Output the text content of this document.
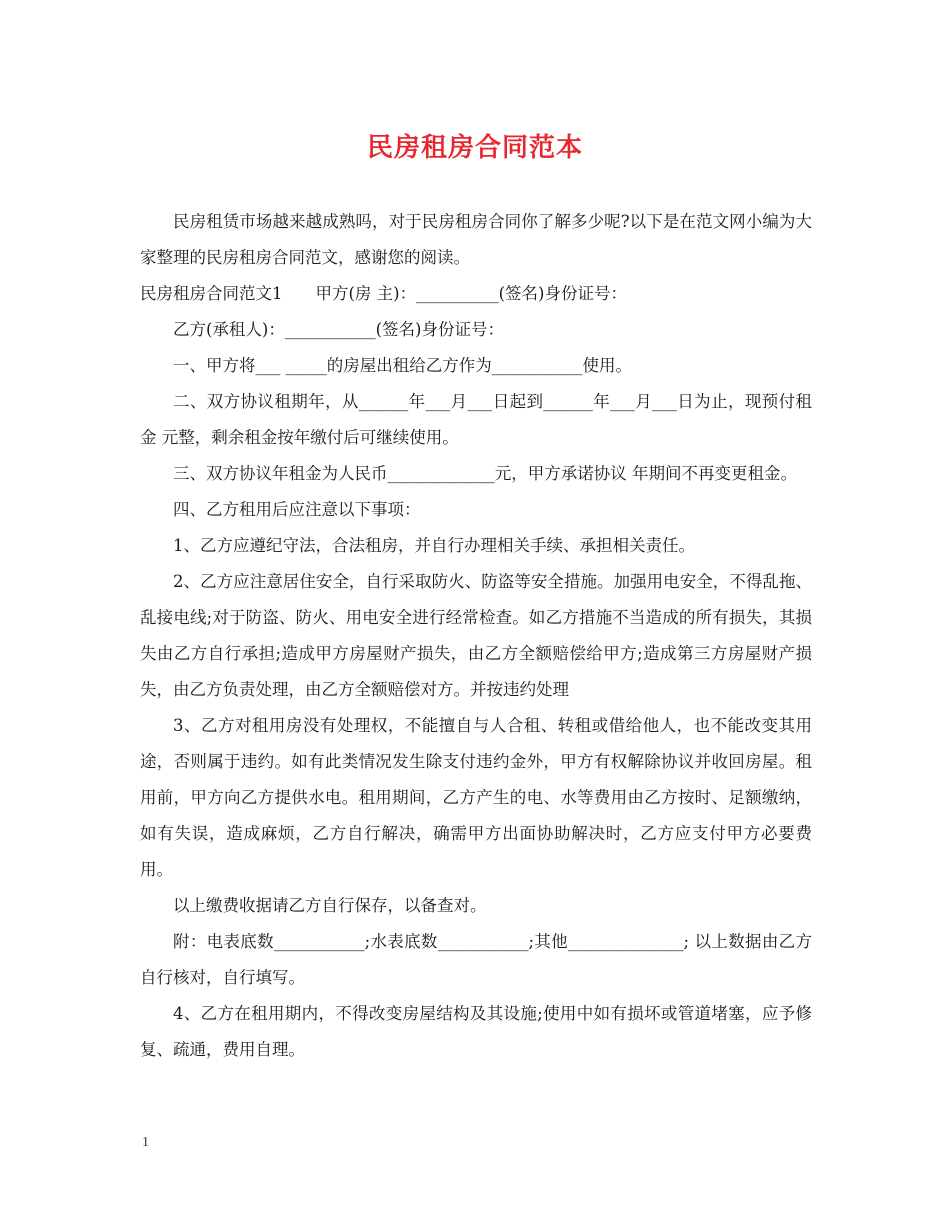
民房租房合同范本

民房租赁市场越来越成熟吗，对于民房租房合同你了解多少呢?以下是在范文网小编为大家整理的民房租房合同范文，感谢您的阅读。

民房租房合同范文1　　甲方(房 主)：__________(签名)身份证号：

乙方(承租人)：___________(签名)身份证号：

一、甲方将___ _____的房屋出租给乙方作为___________使用。

二、双方协议租期年，从______年___月___日起到______年___月___日为止，现预付租金 元整，剩余租金按年缴付后可继续使用。

三、双方协议年租金为人民币_____________元，甲方承诺协议 年期间不再变更租金。

四、乙方租用后应注意以下事项：

1、乙方应遵纪守法，合法租房，并自行办理相关手续、承担相关责任。

2、乙方应注意居住安全，自行采取防火、防盗等安全措施。加强用电安全，不得乱拖、乱接电线;对于防盗、防火、用电安全进行经常检查。如乙方措施不当造成的所有损失，其损失由乙方自行承担;造成甲方房屋财产损失，由乙方全额赔偿给甲方;造成第三方房屋财产损失，由乙方负责处理，由乙方全额赔偿对方。并按违约处理

3、乙方对租用房没有处理权，不能擅自与人合租、转租或借给他人，也不能改变其用途，否则属于违约。如有此类情况发生除支付违约金外，甲方有权解除协议并收回房屋。租用前，甲方向乙方提供水电。租用期间，乙方产生的电、水等费用由乙方按时、足额缴纳，如有失误，造成麻烦，乙方自行解决，确需甲方出面协助解决时，乙方应支付甲方必要费用。

以上缴费收据请乙方自行保存，以备查对。

附：电表底数___________;水表底数___________;其他______________; 以上数据由乙方自行核对，自行填写。

4、乙方在租用期内，不得改变房屋结构及其设施;使用中如有损坏或管道堵塞，应予修复、疏通，费用自理。

1
